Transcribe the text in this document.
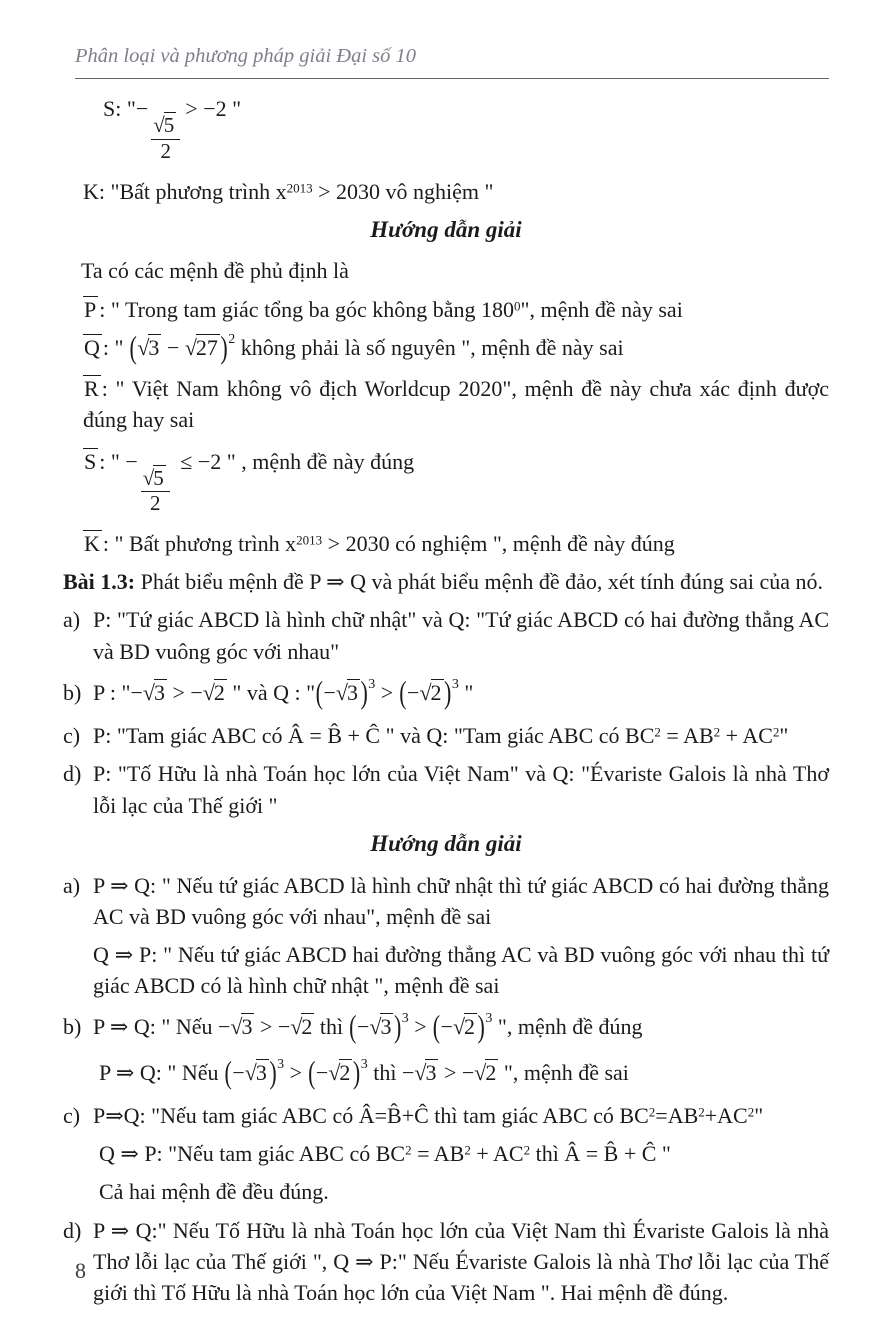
Phân loại và phương pháp giải Đại số 10

S: "−
$\frac{√5}{2}$
> −2 "

K: "Bất phương trình $x^{2013} > 2030$ vô nghiệm "

Hướng dẫn giải

Ta có các mệnh đề phủ định là

P : " Trong tam giác tổng ba góc không bằng $180^0$", mệnh đề này sai

Q : " (√3 − √27 )$^2$ không phải là số nguyên ", mệnh đề này sai

R : " Việt Nam không vô địch Worldcup 2020", mệnh đề này chưa xác định được đúng hay sai

S : " −
$\frac{√5}{2}$
≤ −2 " , mệnh đề này đúng

K : " Bất phương trình $x^{2013} > 2030$ có nghiệm ", mệnh đề này đúng

Bài 1.3: Phát biểu mệnh đề P ⇒ Q và phát biểu mệnh đề đảo, xét tính đúng sai của nó.

a) P: "Tứ giác ABCD là hình chữ nhật" và Q: "Tứ giác ABCD có hai đường thẳng AC và BD vuông góc với nhau"

b) P : "−√3 > −√2 " và Q : "(−√3 )$^3$ > (−√2 )$^3$ "

c) P: "Tam giác ABC có Â = B̂ + Ĉ " và Q: "Tam giác ABC có $BC^2 = AB^2 + AC^2$"

d) P: "Tố Hữu là nhà Toán học lớn của Việt Nam" và Q: "Évariste Galois là nhà Thơ lỗi lạc của Thế giới "

Hướng dẫn giải
a) P ⇒ Q: " Nếu tứ giác ABCD là hình chữ nhật thì tứ giác ABCD có hai đường thẳng AC và BD vuông góc với nhau", mệnh đề sai

Q ⇒ P: " Nếu tứ giác ABCD hai đường thẳng AC và BD vuông góc với nhau thì tứ giác ABCD có là hình chữ nhật ", mệnh đề sai

b) P ⇒ Q: " Nếu −√3 > −√2 thì (−√3 )$^3$ > (−√2 )$^3$ ", mệnh đề đúng

P ⇒ Q: " Nếu (−√3 )$^3$ > (−√2 )$^3$ thì −√3 > −√2 ", mệnh đề sai

c) P⇒Q: "Nếu tam giác ABC có Â=B̂+Ĉ thì tam giác ABC có $BC^2=AB^2+AC^2$"

Q ⇒ P: "Nếu tam giác ABC có $BC^2 = AB^2 + AC^2$ thì Â = B̂ + Ĉ "

Cả hai mệnh đề đều đúng.

d) P ⇒ Q:" Nếu Tố Hữu là nhà Toán học lớn của Việt Nam thì Évariste Galois là nhà Thơ lỗi lạc của Thế giới ", Q ⇒ P:" Nếu Évariste Galois là nhà Thơ lỗi lạc của Thế giới thì Tố Hữu là nhà Toán học lớn của Việt Nam ". Hai mệnh đề đúng.

8
